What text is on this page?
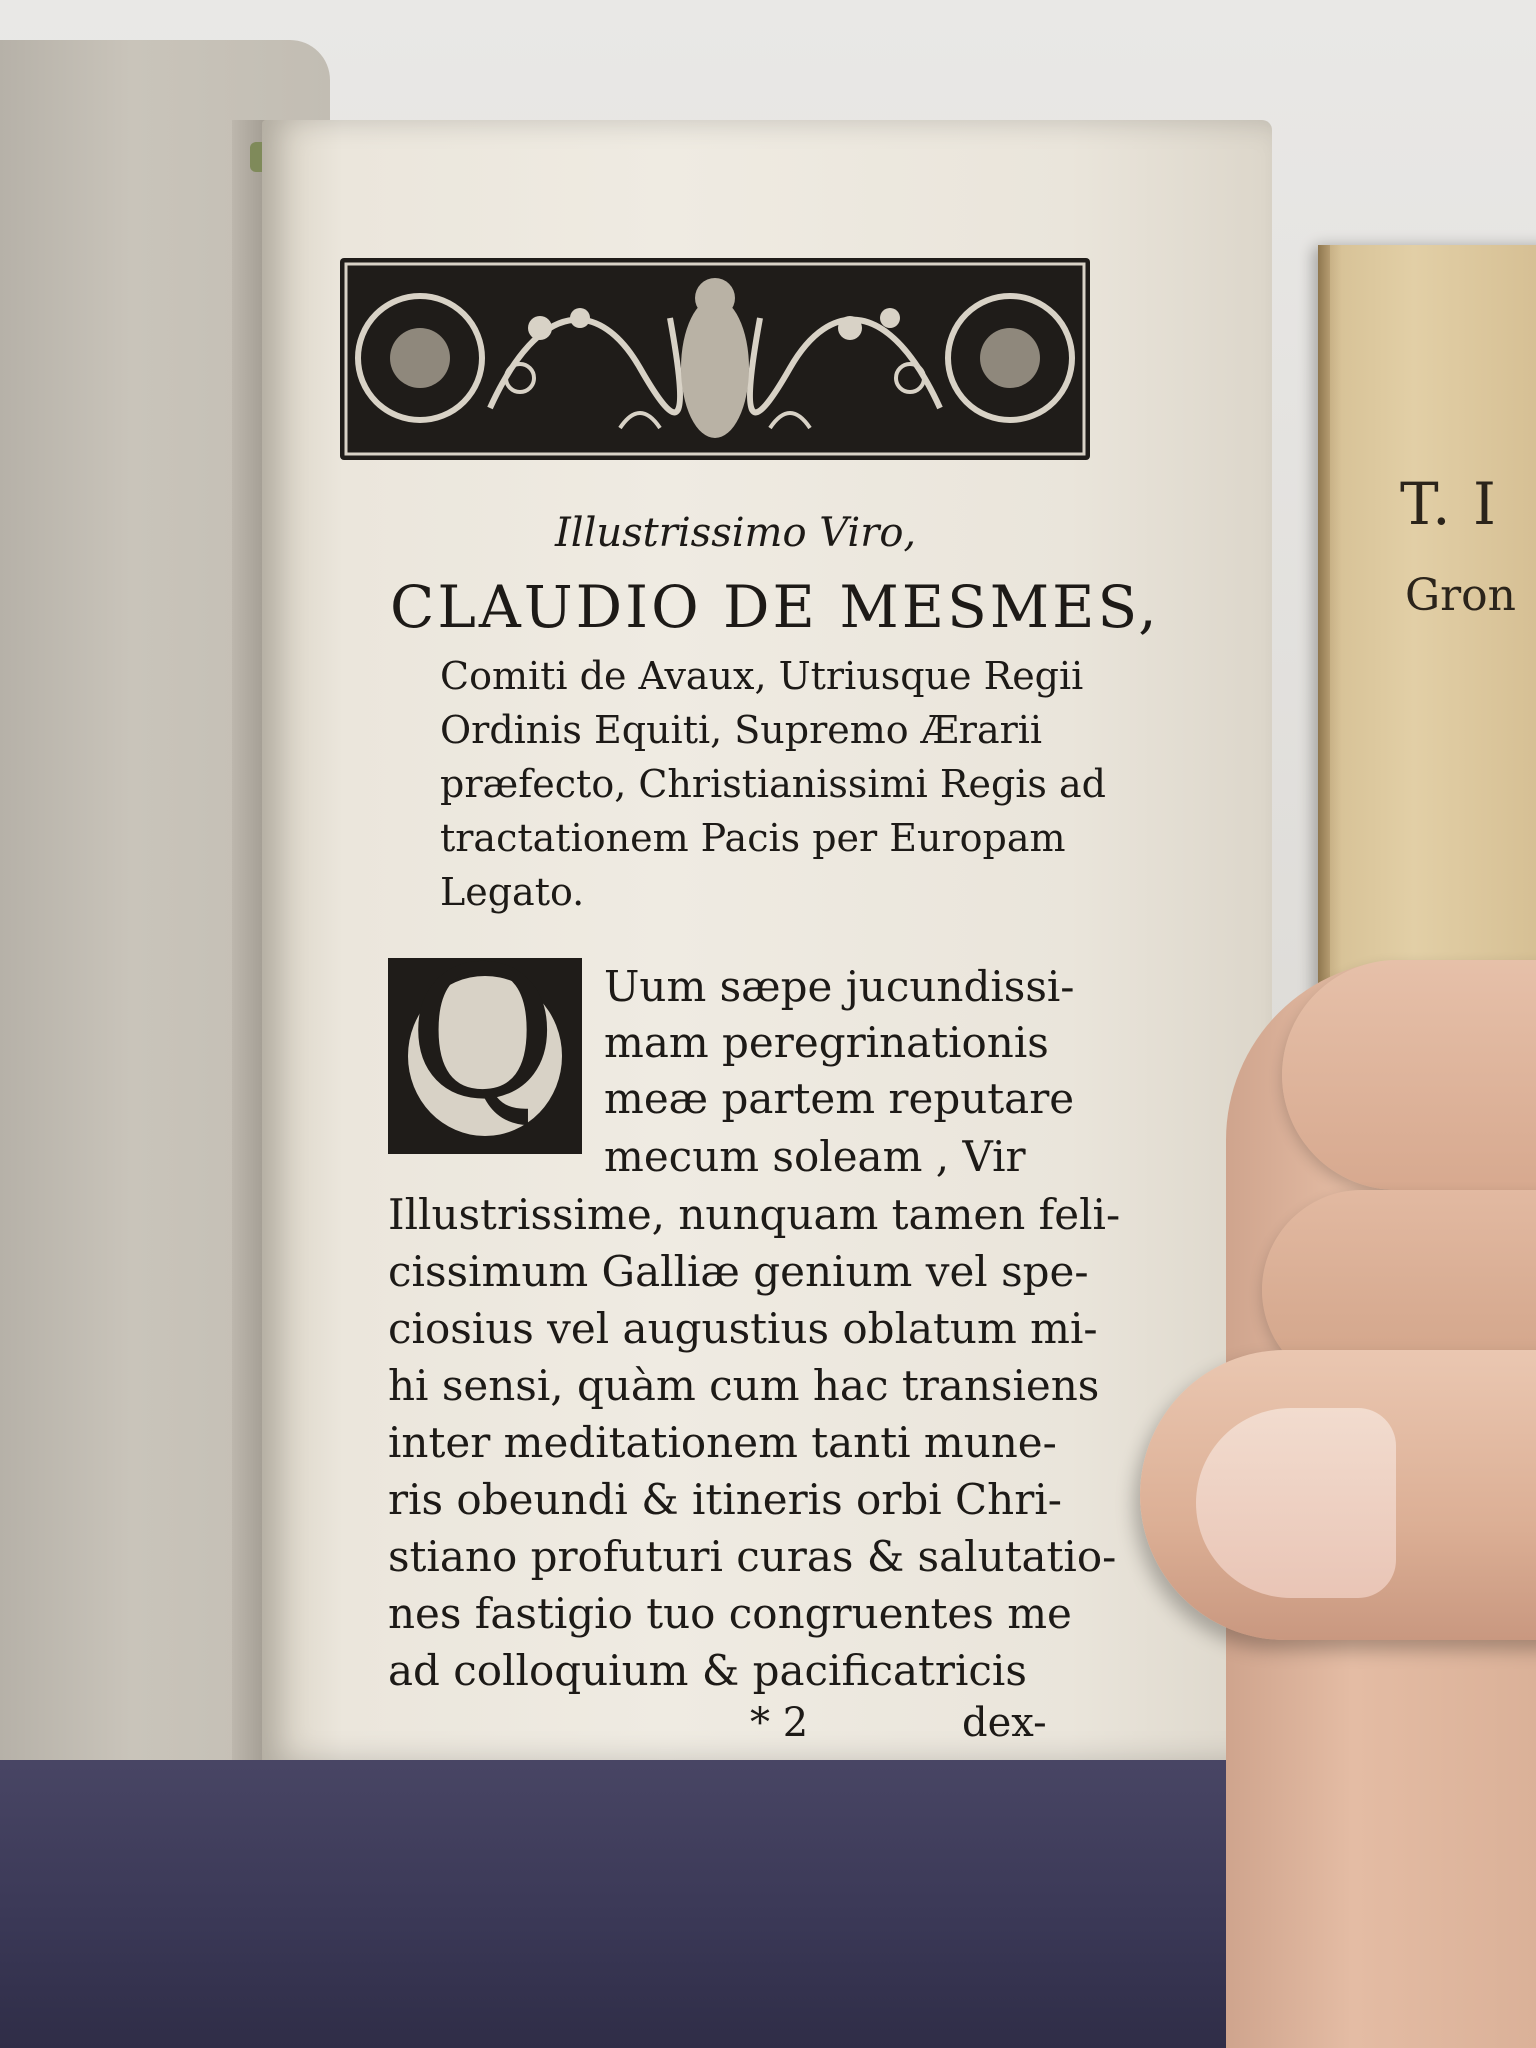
T. I
Gron
Illustrissimo Viro,
CLAUDIO DE MESMES,
Comiti de Avaux, Utriusque Regii
Ordinis Equiti, Supremo Ærarii
præfecto, Christianissimi Regis ad
tractationem Pacis per Europam
Legato.
Q Uum sæpe jucundissi-
mam peregrinationis
meæ partem reputare
mecum soleam , Vir
Illustrissime, nunquam tamen feli-
cissimum Galliæ genium vel spe-
ciosius vel augustius oblatum mi-
hi sensi, quàm cum hac transiens
inter meditationem tanti mune-
ris obeundi & itineris orbi Chri-
stiano profuturi curas & salutatio-
nes fastigio tuo congruentes me
ad colloquium & pacificatricis
* 2	dex-
